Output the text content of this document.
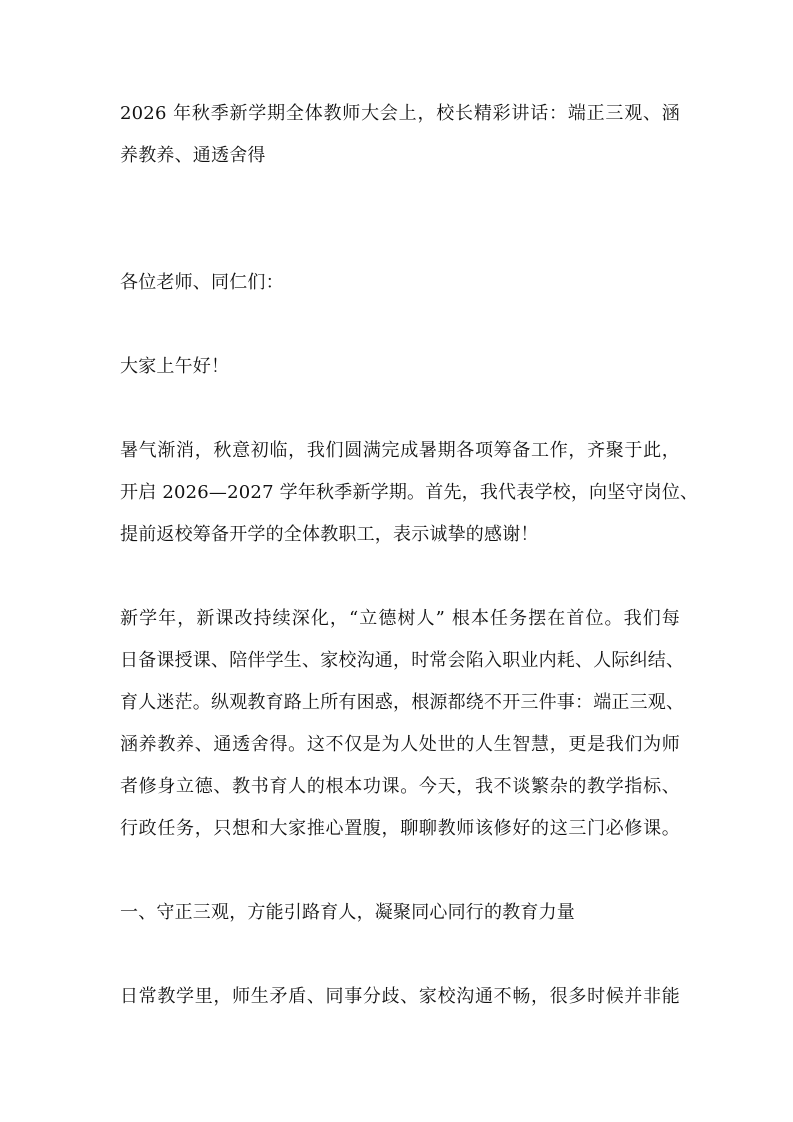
2026 年秋季新学期全体教师大会上，校长精彩讲话：端正三观、涵
养教养、通透舍得
各位老师、同仁们：
大家上午好！
暑气渐消，秋意初临，我们圆满完成暑期各项筹备工作，齐聚于此，
开启 2026—2027 学年秋季新学期。首先，我代表学校，向坚守岗位、
提前返校筹备开学的全体教职工，表示诚挚的感谢！
新学年，新课改持续深化，“立德树人” 根本任务摆在首位。我们每
日备课授课、陪伴学生、家校沟通，时常会陷入职业内耗、人际纠结、
育人迷茫。纵观教育路上所有困惑，根源都绕不开三件事：端正三观、
涵养教养、通透舍得。这不仅是为人处世的人生智慧，更是我们为师
者修身立德、教书育人的根本功课。今天，我不谈繁杂的教学指标、
行政任务，只想和大家推心置腹，聊聊教师该修好的这三门必修课。
一、守正三观，方能引路育人，凝聚同心同行的教育力量
日常教学里，师生矛盾、同事分歧、家校沟通不畅，很多时候并非能
